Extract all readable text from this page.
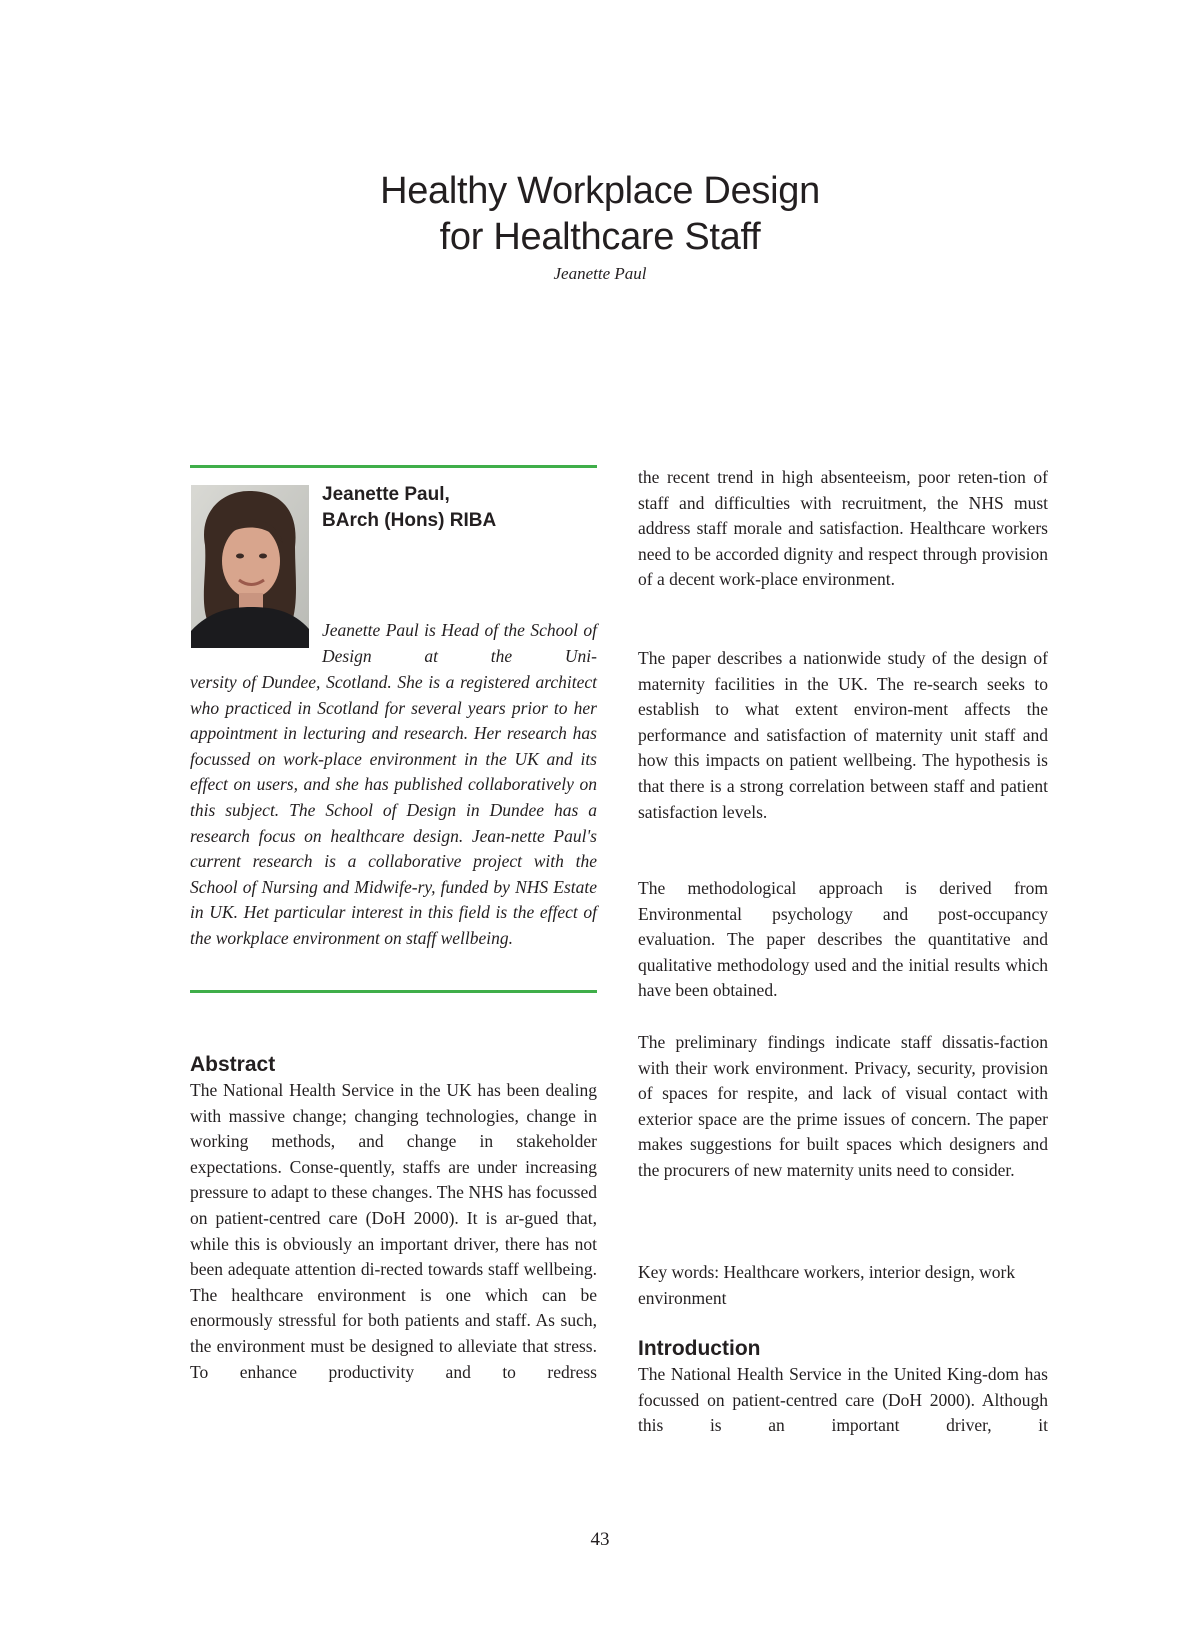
Healthy Workplace Design
for Healthcare Staff
Jeanette Paul
Jeanette Paul,
BArch (Hons) RIBA
Jeanette Paul is Head of the School of Design at the Uni-
versity of Dundee, Scotland. She is a registered architect who practiced in Scotland for several years prior to her appointment in lecturing and research. Her research has focussed on work-place environment in the UK and its effect on users, and she has published collaboratively on this subject. The School of Design in Dundee has a research focus on healthcare design. Jean-nette Paul's current research is a collaborative project with the School of Nursing and Midwife-ry, funded by NHS Estate in UK. Het particular interest in this field is the effect of the workplace environment on staff wellbeing.
Abstract
The National Health Service in the UK has been dealing with massive change; changing technologies, change in working methods, and change in stakeholder expectations. Conse-quently, staffs are under increasing pressure to adapt to these changes. The NHS has focussed on patient-centred care (DoH 2000). It is ar-gued that, while this is obviously an important driver, there has not been adequate attention di-rected towards staff wellbeing. The healthcare environment is one which can be enormously stressful for both patients and staff. As such, the environment must be designed to alleviate that stress. To enhance productivity and to redress
the recent trend in high absenteeism, poor reten-tion of staff and difficulties with recruitment, the NHS must address staff morale and satisfaction. Healthcare workers need to be accorded dignity and respect through provision of a decent work-place environment.
The paper describes a nationwide study of the design of maternity facilities in the UK. The re-search seeks to establish to what extent environ-ment affects the performance and satisfaction of maternity unit staff and how this impacts on patient wellbeing. The hypothesis is that there is a strong correlation between staff and patient satisfaction levels.
The methodological approach is derived from Environmental psychology and post-occupancy evaluation. The paper describes the quantitative and qualitative methodology used and the initial results which have been obtained.
The preliminary findings indicate staff dissatis-faction with their work environment. Privacy, security, provision of spaces for respite, and lack of visual contact with exterior space are the prime issues of concern. The paper makes suggestions for built spaces which designers and the procurers of new maternity units need to consider.
Key words: Healthcare workers, interior design, work environment
Introduction
The National Health Service in the United King-dom has focussed on patient-centred care (DoH 2000). Although this is an important driver, it
43
